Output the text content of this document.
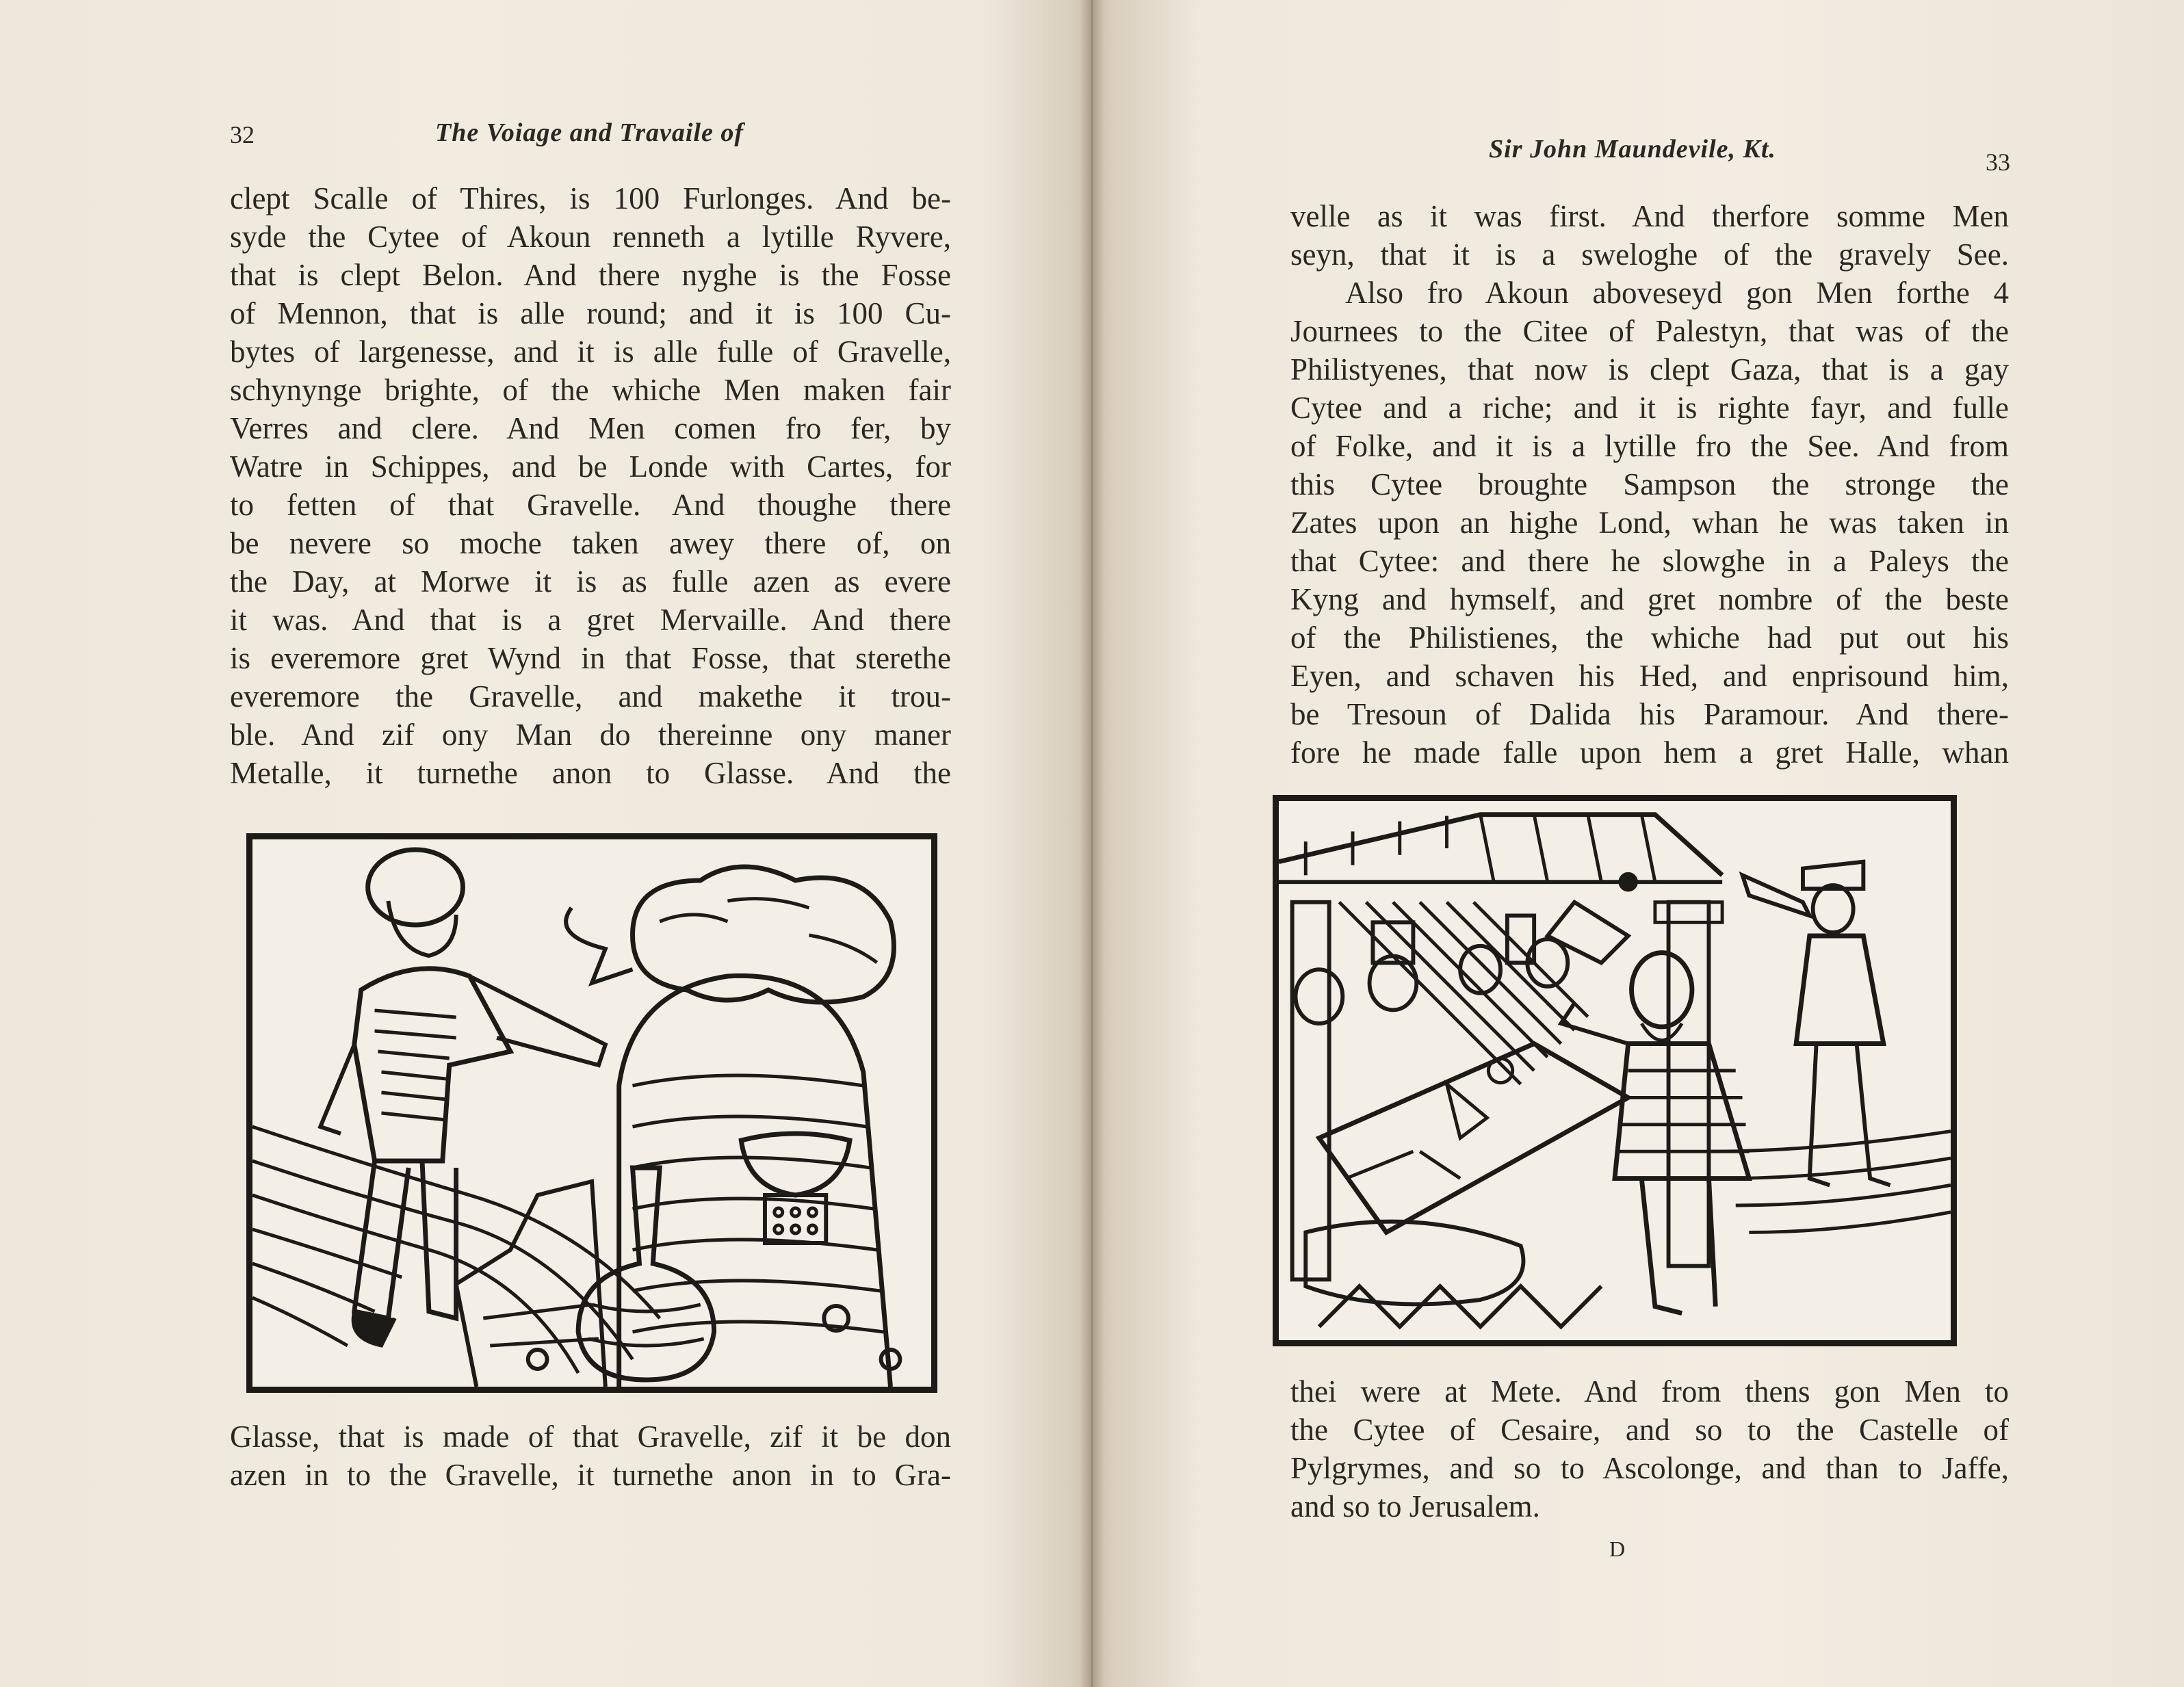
32	The Voiage and Travaile of

clept Scalle of Thires, is 100 Furlonges. And be-

syde the Cytee of Akoun renneth a lytille Ryvere,

that is clept Belon. And there nyghe is the Fosse

of Mennon, that is alle round; and it is 100 Cu-

bytes of largenesse, and it is alle fulle of Gravelle,

schynynge brighte, of the whiche Men maken fair

Verres and clere. And Men comen fro fer, by

Watre in Schippes, and be Londe with Cartes, for

to fetten of that Gravelle. And thoughe there

be nevere so moche taken awey there of, on

the Day, at Morwe it is as fulle azen as evere

it was. And that is a gret Mervaille. And there

is everemore gret Wynd in that Fosse, that sterethe

everemore the Gravelle, and makethe it trou-

ble. And zif ony Man do thereinne ony maner

Metalle, it turnethe anon to Glasse. And the

Glasse, that is made of that Gravelle, zif it be don

azen in to the Gravelle, it turnethe anon in to Gra-

Sir John Maundevile, Kt.	33

velle as it was first. And therfore somme Men

seyn, that it is a sweloghe of the gravely See.

Also fro Akoun aboveseyd gon Men forthe 4

Journees to the Citee of Palestyn, that was of the

Philistyenes, that now is clept Gaza, that is a gay

Cytee and a riche; and it is righte fayr, and fulle

of Folke, and it is a lytille fro the See. And from

this Cytee broughte Sampson the stronge the

Zates upon an highe Lond, whan he was taken in

that Cytee: and there he slowghe in a Paleys the

Kyng and hymself, and gret nombre of the beste

of the Philistienes, the whiche had put out his

Eyen, and schaven his Hed, and enprisound him,

be Tresoun of Dalida his Paramour. And there-

fore he made falle upon hem a gret Halle, whan

thei were at Mete. And from thens gon Men to

the Cytee of Cesaire, and so to the Castelle of

Pylgrymes, and so to Ascolonge, and than to Jaffe,

and so to Jerusalem.

D
